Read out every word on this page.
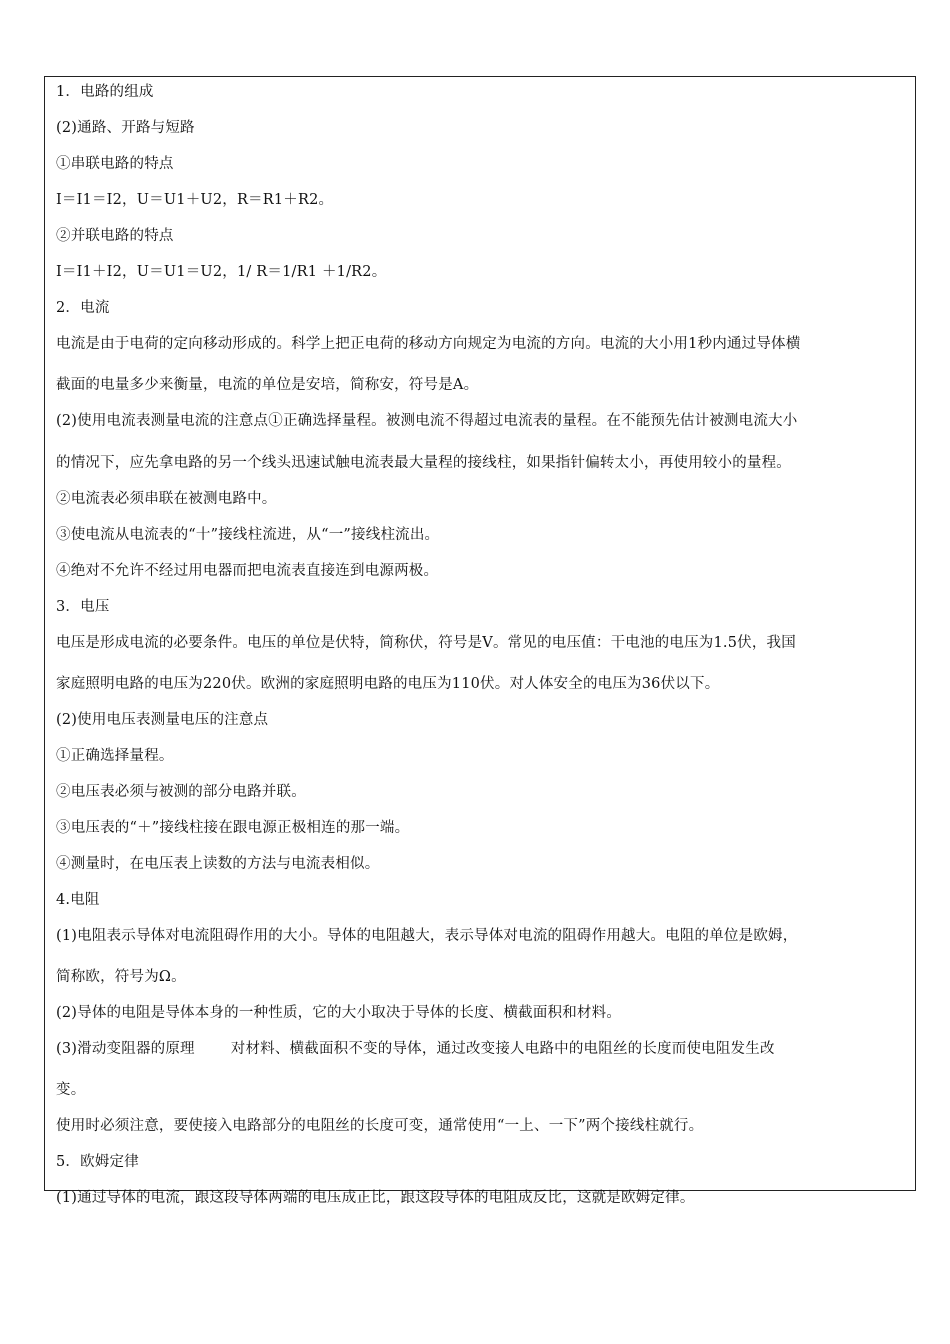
1．电路的组成
(2)通路、开路与短路
①串联电路的特点
I＝I1＝I2，U＝U1＋U2，R＝R1＋R2。
②并联电路的特点
I＝I1＋I2，U＝U1＝U2，1/ R＝1/R1 ＋1/R2。
2．电流
电流是由于电荷的定向移动形成的。科学上把正电荷的移动方向规定为电流的方向。电流的大小用1秒内通过导体横
截面的电量多少来衡量，电流的单位是安培，简称安，符号是A。
(2)使用电流表测量电流的注意点①正确选择量程。被测电流不得超过电流表的量程。在不能预先估计被测电流大小
的情况下，应先拿电路的另一个线头迅速试触电流表最大量程的接线柱，如果指针偏转太小，再使用较小的量程。
②电流表必须串联在被测电路中。
③使电流从电流表的“十”接线柱流进，从“一”接线柱流出。
④绝对不允许不经过用电器而把电流表直接连到电源两极。
3．电压
电压是形成电流的必要条件。电压的单位是伏特，简称伏，符号是V。常见的电压值：干电池的电压为1.5伏，我国
家庭照明电路的电压为220伏。欧洲的家庭照明电路的电压为110伏。对人体安全的电压为36伏以下。
(2)使用电压表测量电压的注意点
①正确选择量程。
②电压表必须与被测的部分电路并联。
③电压表的“＋”接线柱接在跟电源正极相连的那一端。
④测量时，在电压表上读数的方法与电流表相似。
4.电阻
(1)电阻表示导体对电流阻碍作用的大小。导体的电阻越大，表示导体对电流的阻碍作用越大。电阻的单位是欧姆，
简称欧，符号为Ω。
(2)导体的电阻是导体本身的一种性质，它的大小取决于导体的长度、横截面积和材料。
(3)滑动变阻器的原理 对材料、横截面积不变的导体，通过改变接人电路中的电阻丝的长度而使电阻发生改
变。
使用时必须注意，要使接入电路部分的电阻丝的长度可变，通常使用“一上、一下”两个接线柱就行。
5．欧姆定律
(1)通过导体的电流，跟这段导体两端的电压成正比，跟这段导体的电阻成反比，这就是欧姆定律。
